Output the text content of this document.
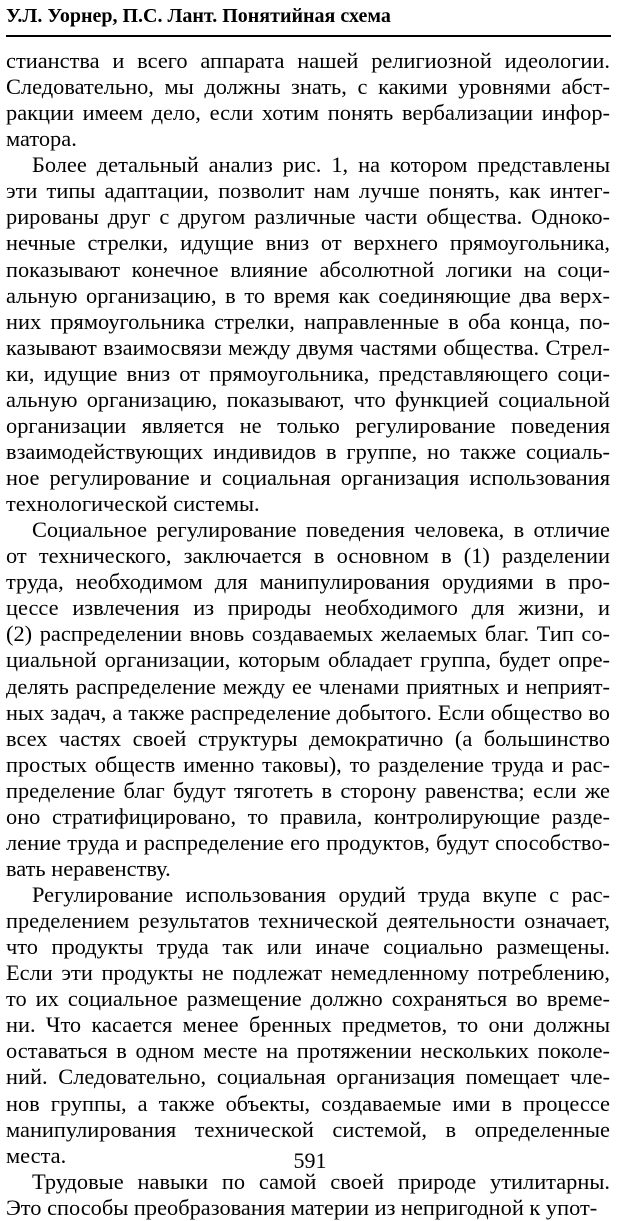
У.Л. Уорнер, П.С. Лант. Понятийная схема
стианства и всего аппарата нашей религиозной идеологии.
Следовательно, мы должны знать, с какими уровнями абст-
ракции имеем дело, если хотим понять вербализации инфор-
матора.
Более детальный анализ рис. 1, на котором представлены
эти типы адаптации, позволит нам лучше понять, как интег-
рированы друг с другом различные части общества. Одноко-
нечные стрелки, идущие вниз от верхнего прямоугольника,
показывают конечное влияние абсолютной логики на соци-
альную организацию, в то время как соединяющие два верх-
них прямоугольника стрелки, направленные в оба конца, по-
казывают взаимосвязи между двумя частями общества. Стрел-
ки, идущие вниз от прямоугольника, представляющего соци-
альную организацию, показывают, что функцией социальной
организации является не только регулирование поведения
взаимодействующих индивидов в группе, но также социаль-
ное регулирование и социальная организация использования
технологической системы.
Социальное регулирование поведения человека, в отличие
от технического, заключается в основном в (1) разделении
труда, необходимом для манипулирования орудиями в про-
цессе извлечения из природы необходимого для жизни, и
(2) распределении вновь создаваемых желаемых благ. Тип со-
циальной организации, которым обладает группа, будет опре-
делять распределение между ее членами приятных и неприят-
ных задач, а также распределение добытого. Если общество во
всех частях своей структуры демократично (а большинство
простых обществ именно таковы), то разделение труда и рас-
пределение благ будут тяготеть в сторону равенства; если же
оно стратифицировано, то правила, контролирующие разде-
ление труда и распределение его продуктов, будут способство-
вать неравенству.
Регулирование использования орудий труда вкупе с рас-
пределением результатов технической деятельности означает,
что продукты труда так или иначе социально размещены.
Если эти продукты не подлежат немедленному потреблению,
то их социальное размещение должно сохраняться во време-
ни. Что касается менее бренных предметов, то они должны
оставаться в одном месте на протяжении нескольких поколе-
ний. Следовательно, социальная организация помещает чле-
нов группы, а также объекты, создаваемые ими в процессе
манипулирования технической системой, в определенные
места.
Трудовые навыки по самой своей природе утилитарны.
Это способы преобразования материи из непригодной к упот-
591
